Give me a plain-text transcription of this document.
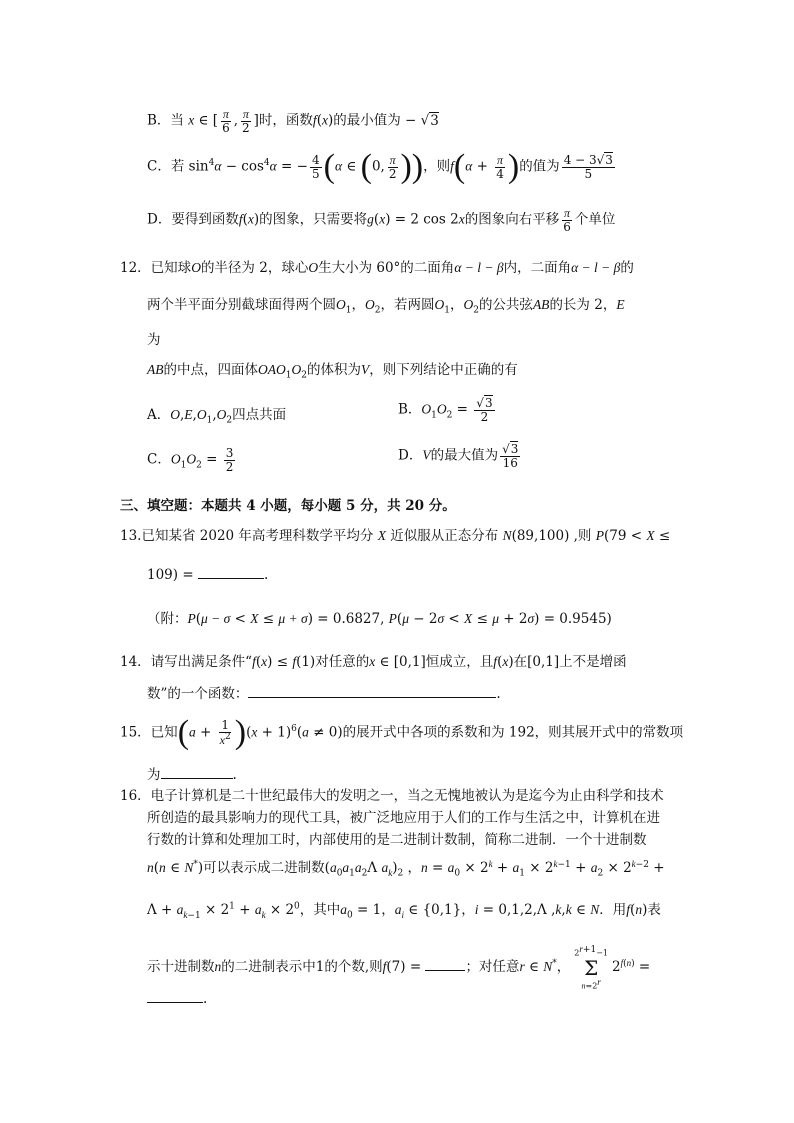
B．当 x ∈ [ $\frac{\pi}{6}$ , $\frac{\pi}{2}$ ]时，函数f(x)的最小值为 − √3
C．若 $\sin^4\alpha - \cos^4\alpha$ = − $\frac{4}{5} (\alpha$ ∈ (0, $\frac{\pi}{2}$ ))，则$f(\alpha + \frac{\pi}{4}$ )的值为 $\frac{4 - 3√3}{5}$
D．要得到函数f(x)的图象，只需要将g(x) = 2 cos 2x的图象向右平移 $\frac{\pi}{6}$ 个单位
12．已知球O的半径为 2，球心O生大小为 60°的二面角α − l − β内，二面角α − l − β的
两个半平面分别截球面得两个圆$O_1$，$O_2$，若两圆$O_1$，$O_2$的公共弦AB的长为 2，E
为
AB的中点，四面体$OAO_1O_2$的体积为V，则下列结论中正确的有
A．$O,E,O_1,O_2$四点共面	B．$O_1O_2 = \frac{√3}{2}$
C．$O_1O_2 = \frac{3}{2}$	D．V的最大值为 $\frac{√3}{16}$
三、填空题：本题共 4 小题，每小题 5 分，共 20 分。
13.已知某省 2020 年高考理科数学平均分 X 近似服从正态分布 N(89,100) ,则 P(79 < X ≤
109) =	.
（附：P(μ − σ < X ≤ μ + σ) = 0.6827, P(μ − 2σ < X ≤ μ + 2σ) = 0.9545)
14．请写出满足条件“f(x) ≤ f(1)对任意的x ∈ [0,1]恒成立，且f(x)在[0,1]上不是增函
数”的一个函数：	.
15．已知$(a + \frac{1}{x^2} )(x + 1)^6(a \ne 0)$的展开式中各项的系数和为 192，则其展开式中的常数项
为	.
16．电子计算机是二十世纪最伟大的发明之一，当之无愧地被认为是迄今为止由科学和技术
所创造的最具影响力的现代工具，被广泛地应用于人们的工作与生活之中，计算机在进
行数的计算和处理加工时，内部使用的是二进制计数制，简称二进制．一个十进制数
n(n ∈ N*)可以表示成二进制数($a_0a_1a_2\Lambda$ $a_k)_2$ ，$n = a_0 \times 2^k + a_1 \times 2^{k-1} + a_2 \times 2^{k-2}$ +
$\Lambda + a_{k-1} \times 2^1 + a_k \times 2^0$，其中$a_0 = 1$，$a_i$ ∈ {0,1}，i = 0,1,2,Λ ,k,k ∈ N．用f(n)表
示十进制数n的二进制表示中1的个数,则f(7) =	；对任意r ∈ N*，
$2^{r+1}-1$
Σ
$n=2^r$
$2^{f(n)}$ =
.
